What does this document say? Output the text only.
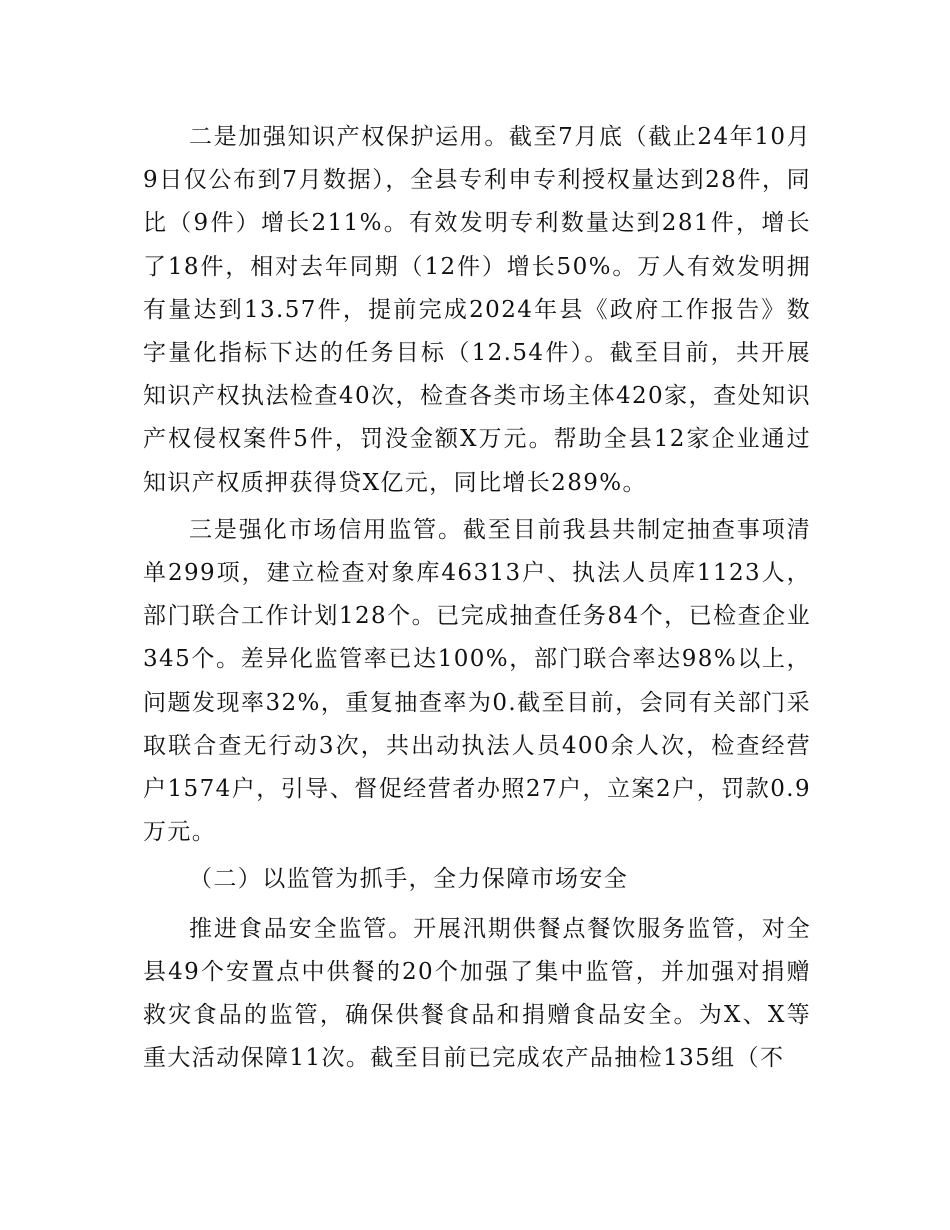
二是加强知识产权保护运用。截至7月底（截止24年10月9日仅公布到7月数据），全县专利申专利授权量达到28件，同比（9件）增长211%。有效发明专利数量达到281件，增长了18件，相对去年同期（12件）增长50%。万人有效发明拥有量达到13.57件，提前完成2024年县《政府工作报告》数字量化指标下达的任务目标（12.54件）。截至目前，共开展知识产权执法检查40次，检查各类市场主体420家，查处知识产权侵权案件5件，罚没金额X万元。帮助全县12家企业通过知识产权质押获得贷X亿元，同比增长289%。

三是强化市场信用监管。截至目前我县共制定抽查事项清单299项，建立检查对象库46313户、执法人员库1123人，部门联合工作计划128个。已完成抽查任务84个，已检查企业345个。差异化监管率已达100%，部门联合率达98%以上，问题发现率32%，重复抽查率为0.截至目前，会同有关部门采取联合查无行动3次，共出动执法人员400余人次，检查经营户1574户，引导、督促经营者办照27户，立案2户，罚款0.9万元。

（二）以监管为抓手，全力保障市场安全

推进食品安全监管。开展汛期供餐点餐饮服务监管，对全县49个安置点中供餐的20个加强了集中监管，并加强对捐赠救灾食品的监管，确保供餐食品和捐赠食品安全。为X、X等重大活动保障11次。截至目前已完成农产品抽检135组（不
